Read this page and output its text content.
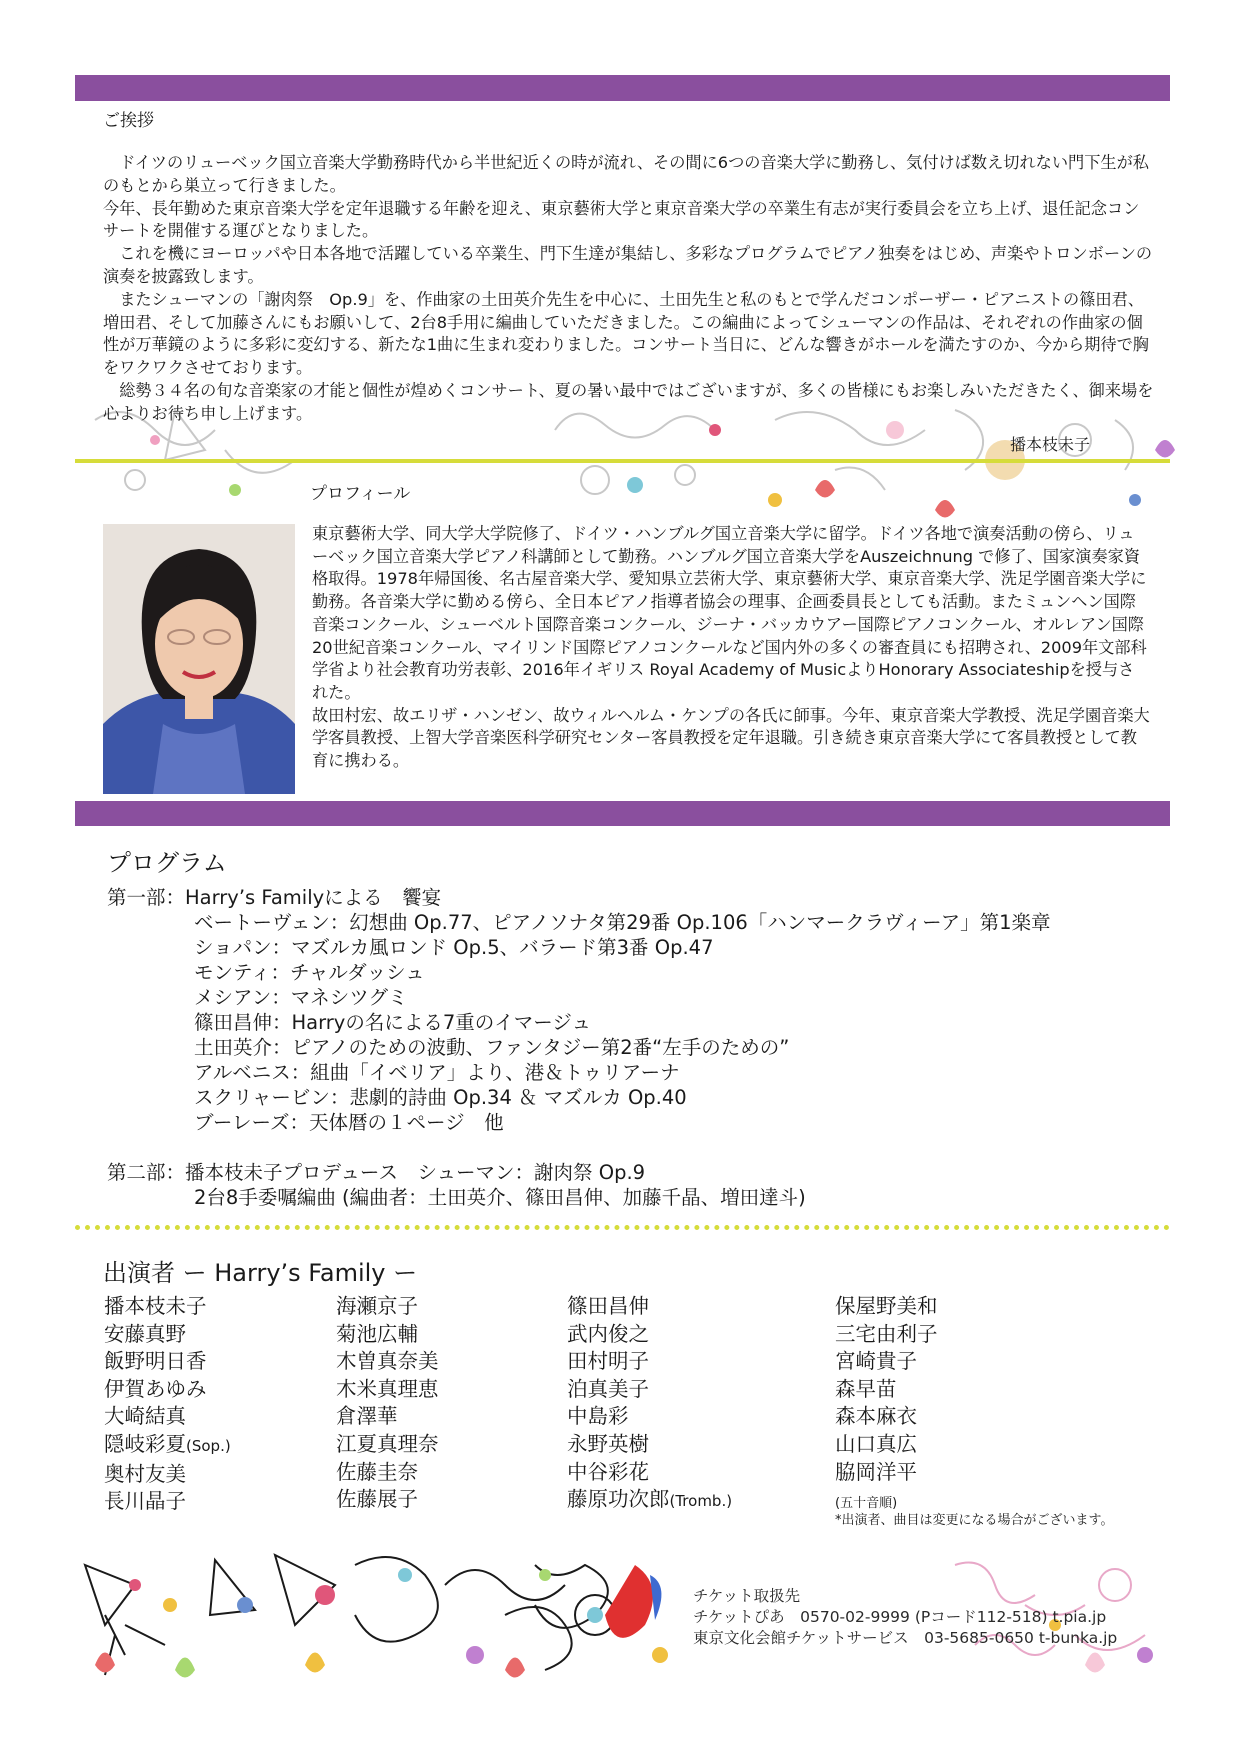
ご挨拶

ドイツのリューベック国立音楽大学勤務時代から半世紀近くの時が流れ、その間に6つの音楽大学に勤務し、気付けば数え切れない門下生が私のもとから巣立って行きました。

今年、長年勤めた東京音楽大学を定年退職する年齢を迎え、東京藝術大学と東京音楽大学の卒業生有志が実行委員会を立ち上げ、退任記念コンサートを開催する運びとなりました。

これを機にヨーロッパや日本各地で活躍している卒業生、門下生達が集結し、多彩なプログラムでピアノ独奏をはじめ、声楽やトロンボーンの演奏を披露致します。

またシューマンの「謝肉祭　Op.9」を、作曲家の土田英介先生を中心に、土田先生と私のもとで学んだコンポーザー・ピアニストの篠田君、増田君、そして加藤さんにもお願いして、2台8手用に編曲していただきました。この編曲によってシューマンの作品は、それぞれの作曲家の個性が万華鏡のように多彩に変幻する、新たな1曲に生まれ変わりました。コンサート当日に、どんな響きがホールを満たすのか、今から期待で胸をワクワクさせております。

総勢３４名の旬な音楽家の才能と個性が煌めくコンサート、夏の暑い最中ではございますが、多くの皆様にもお楽しみいただきたく、御来場を心よりお待ち申し上げます。

播本枝未子
プロフィール

東京藝術大学、同大学大学院修了、ドイツ・ハンブルグ国立音楽大学に留学。ドイツ各地で演奏活動の傍ら、リューベック国立音楽大学ピアノ科講師として勤務。ハンブルグ国立音楽大学をAuszeichnung で修了、国家演奏家資格取得。1978年帰国後、名古屋音楽大学、愛知県立芸術大学、東京藝術大学、東京音楽大学、洗足学園音楽大学に勤務。各音楽大学に勤める傍ら、全日本ピアノ指導者協会の理事、企画委員長としても活動。またミュンヘン国際音楽コンクール、シューベルト国際音楽コンクール、ジーナ・バッカウアー国際ピアノコンクール、オルレアン国際20世紀音楽コンクール、マイリンド国際ピアノコンクールなど国内外の多くの審査員にも招聘され、2009年文部科学省より社会教育功労表彰、2016年イギリス Royal Academy of MusicよりHonorary Associateshipを授与された。

故田村宏、故エリザ・ハンゼン、故ウィルヘルム・ケンプの各氏に師事。今年、東京音楽大学教授、洗足学園音楽大学客員教授、上智大学音楽医科学研究センター客員教授を定年退職。引き続き東京音楽大学にて客員教授として教育に携わる。

プログラム
第一部：Harry’s Familyによる　饗宴
ベートーヴェン：幻想曲 Op.77、ピアノソナタ第29番 Op.106「ハンマークラヴィーア」第1楽章
ショパン：マズルカ風ロンド Op.5、バラード第3番 Op.47
モンティ：チャルダッシュ
メシアン：マネシツグミ
篠田昌伸：Harryの名による7重のイマージュ
土田英介：ピアノのための波動、ファンタジー第2番“左手のための”
アルベニス：組曲「イベリア」より、港＆トゥリアーナ
スクリャービン：悲劇的詩曲 Op.34 ＆ マズルカ Op.40
ブーレーズ：天体暦の１ページ　他
第二部：播本枝未子プロデュース　シューマン：謝肉祭 Op.9
2台8手委嘱編曲 (編曲者：土田英介、篠田昌伸、加藤千晶、増田達斗)
出演者 ー Harry’s Family ー
播本枝未子
安藤真野
飯野明日香
伊賀あゆみ
大崎結真
隠岐彩夏(Sop.)
奥村友美
長川晶子
海瀬京子
菊池広輔
木曽真奈美
木米真理恵
倉澤華
江夏真理奈
佐藤圭奈
佐藤展子
篠田昌伸
武内俊之
田村明子
泊真美子
中島彩
永野英樹
中谷彩花
藤原功次郎(Tromb.)
保屋野美和
三宅由利子
宮崎貴子
森早苗
森本麻衣
山口真広
脇岡洋平
(五十音順)
*出演者、曲目は変更になる場合がございます。
チケット取扱先
チケットぴあ　0570-02-9999 (Pコード112-518) t.pia.jp
東京文化会館チケットサービス　03-5685-0650 t-bunka.jp
